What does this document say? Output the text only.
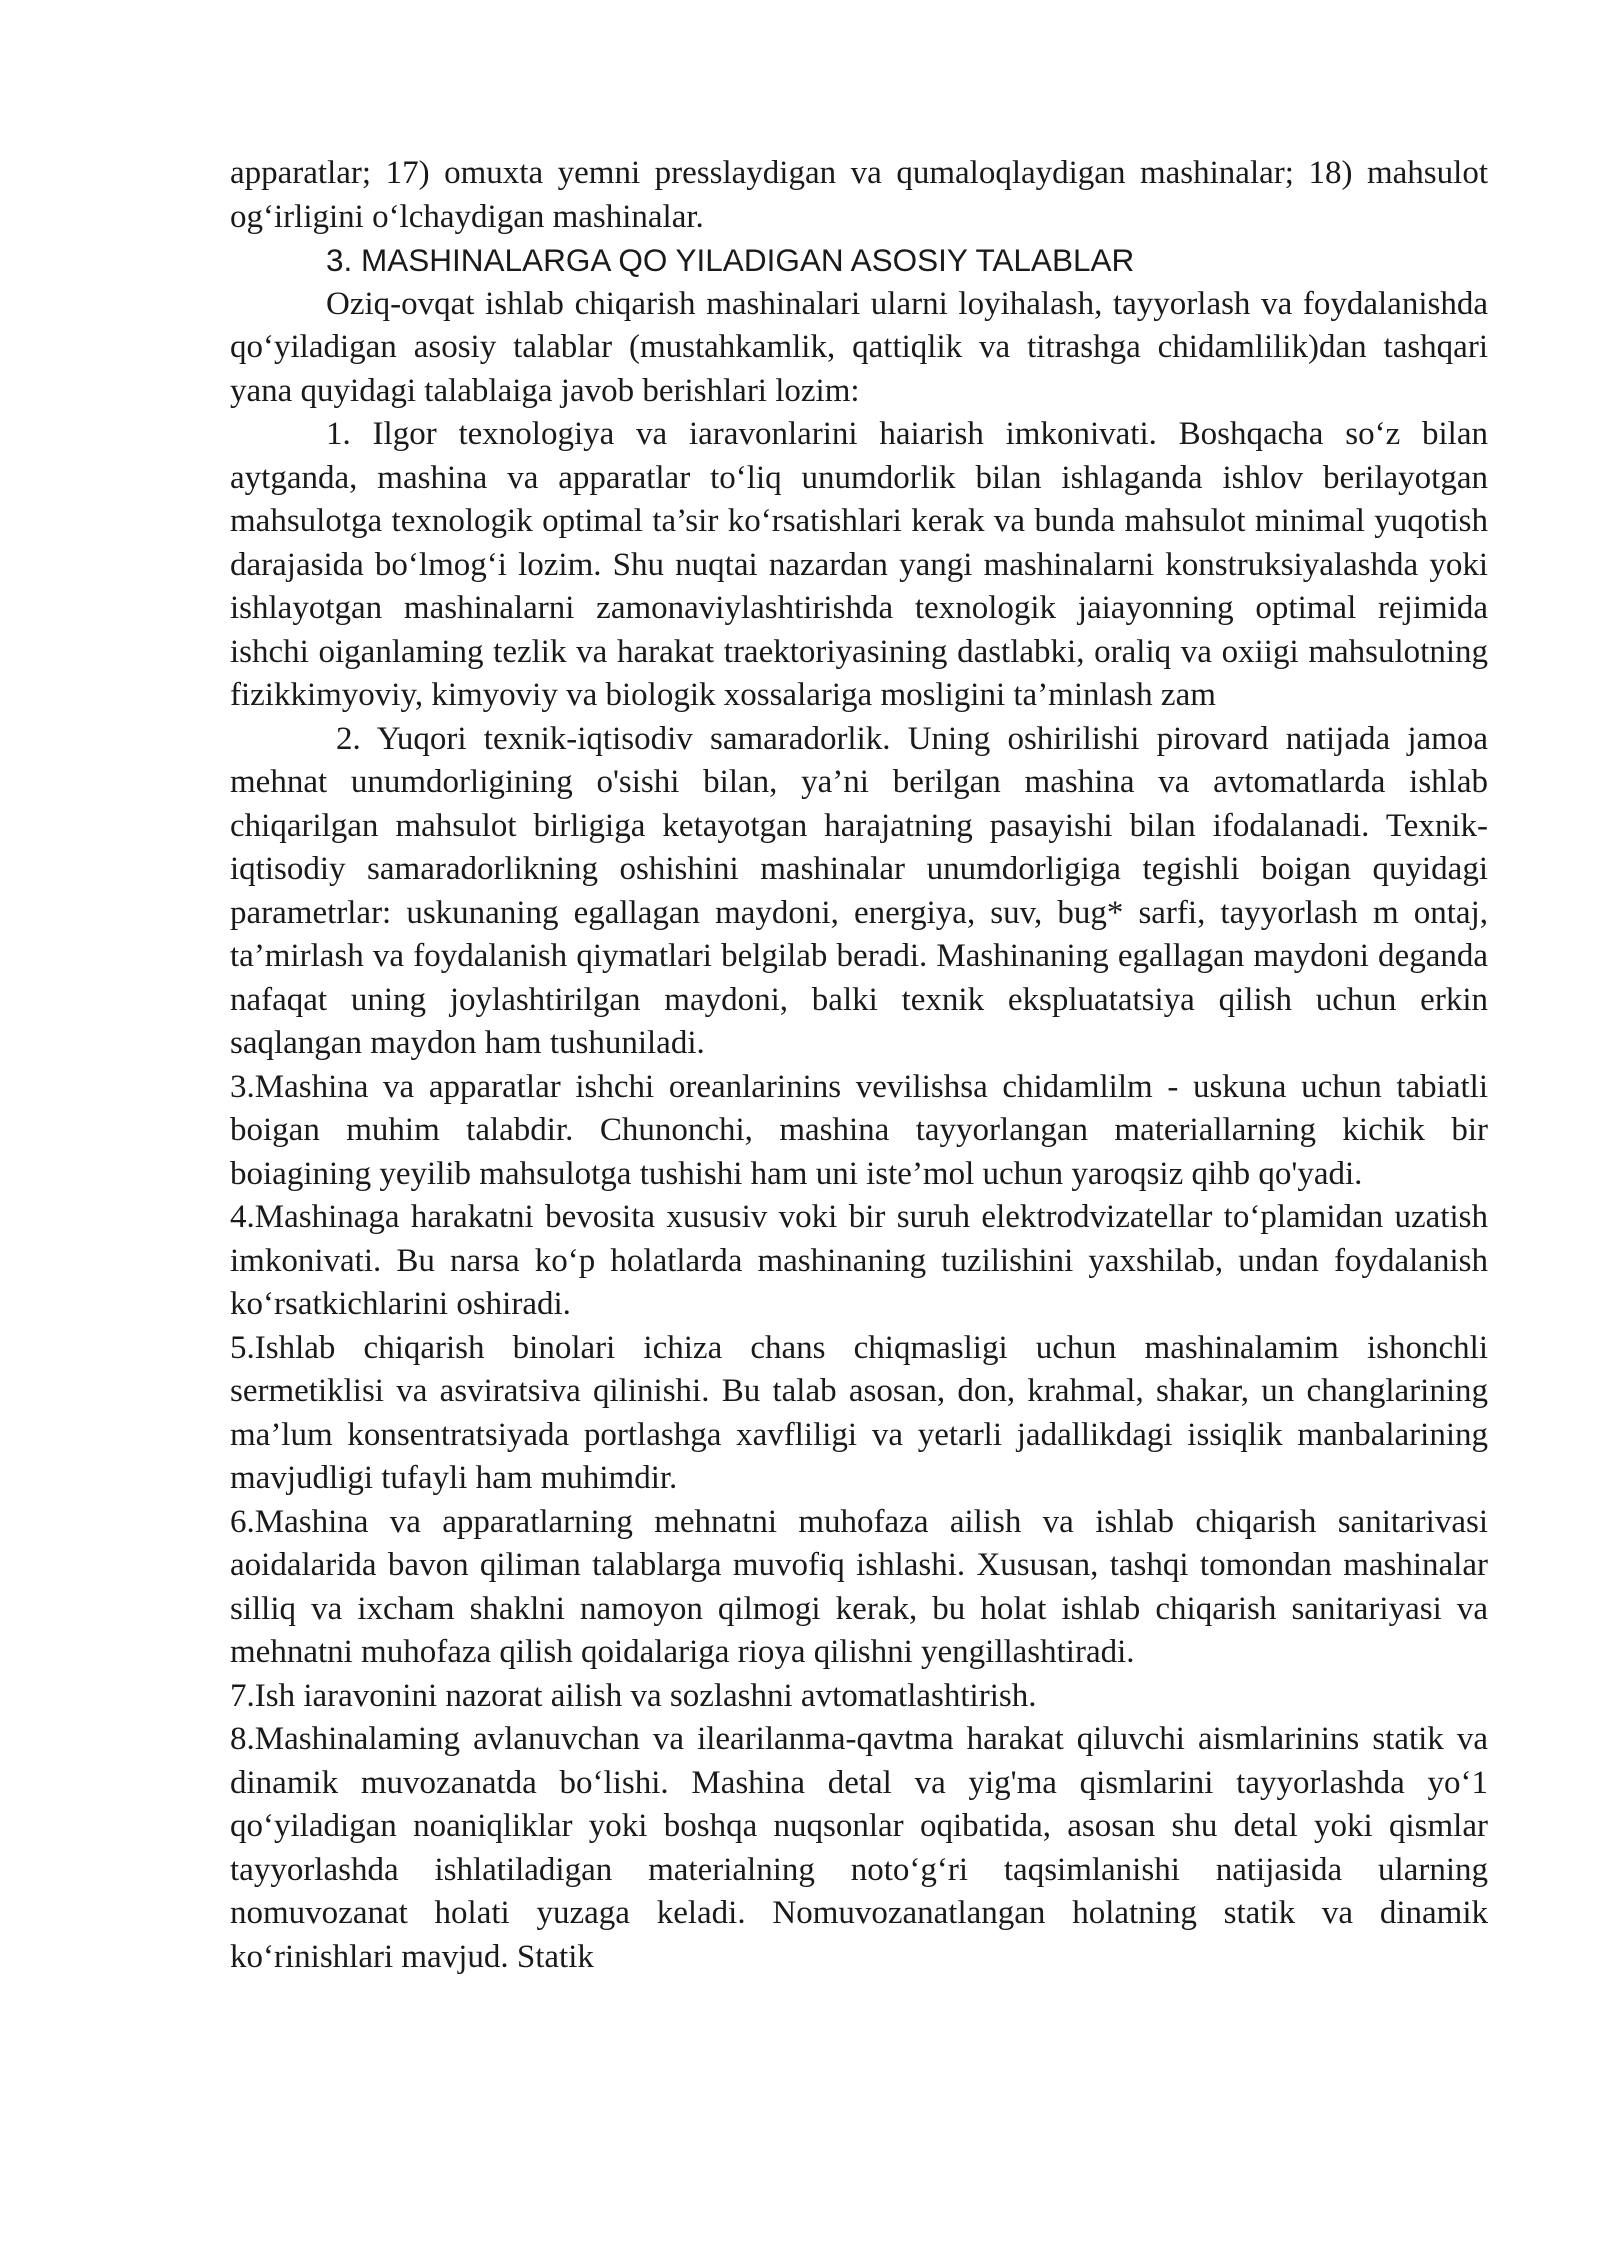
apparatlar; 17) omuxta yemni presslaydigan va qumaloqlaydigan mashinalar; 18) mahsulot og‘irligini o‘lchaydigan mashinalar.

3. MASHINALARGA QO YILADIGAN ASOSIY TALABLAR

Oziq-ovqat ishlab chiqarish mashinalari ularni loyihalash, tayyorlash va foydalanishda qo‘yiladigan asosiy talablar (mustahkamlik, qattiqlik va titrashga chidamlilik)dan tashqari yana quyidagi talablaiga javob berishlari lozim:

1. Ilgor texnologiya va iaravonlarini haiarish imkonivati. Boshqacha so‘z bilan aytganda, mashina va apparatlar to‘liq unumdorlik bilan ishlaganda ishlov berilayotgan mahsulotga texnologik optimal ta’sir ko‘rsatishlari kerak va bunda mahsulot minimal yuqotish darajasida bo‘lmog‘i lozim. Shu nuqtai nazardan yangi mashinalarni konstruksiyalashda yoki ishlayotgan mashinalarni zamonaviylashtirishda texnologik jaiayonning optimal rejimida ishchi oiganlaming tezlik va harakat traektoriyasining dastlabki, oraliq va oxiigi mahsulotning fizikkimyoviy, kimyoviy va biologik xossalariga mosligini ta’minlash zam

2. Yuqori texnik-iqtisodiv samaradorlik. Uning oshirilishi pirovard natijada jamoa mehnat unumdorligining o'sishi bilan, ya’ni berilgan mashina va avtomatlarda ishlab chiqarilgan mahsulot birligiga ketayotgan harajatning pasayishi bilan ifodalanadi. Texnik-iqtisodiy samaradorlikning oshishini mashinalar unumdorligiga tegishli boigan quyidagi parametrlar: uskunaning egallagan maydoni, energiya, suv, bug* sarfi, tayyorlash m ontaj, ta’mirlash va foydalanish qiymatlari belgilab beradi. Mashinaning egallagan maydoni deganda nafaqat uning joylashtirilgan maydoni, balki texnik ekspluatatsiya qilish uchun erkin saqlangan maydon ham tushuniladi.

3.Mashina va apparatlar ishchi oreanlarinins vevilishsa chidamlilm - uskuna uchun tabiatli boigan muhim talabdir. Chunonchi, mashina tayyorlangan materiallarning kichik bir boiagining yeyilib mahsulotga tushishi ham uni iste’mol uchun yaroqsiz qihb qo'yadi.

4.Mashinaga harakatni bevosita xususiv voki bir suruh elektrodvizatellar to‘plamidan uzatish imkonivati. Bu narsa ko‘p holatlarda mashinaning tuzilishini yaxshilab, undan foydalanish ko‘rsatkichlarini oshiradi.

5.Ishlab chiqarish binolari ichiza chans chiqmasligi uchun mashinalamim ishonchli sermetiklisi va asviratsiva qilinishi. Bu talab asosan, don, krahmal, shakar, un changlarining ma’lum konsentratsiyada portlashga xavfliligi va yetarli jadallikdagi issiqlik manbalarining mavjudligi tufayli ham muhimdir.

6.Mashina va apparatlarning mehnatni muhofaza ailish va ishlab chiqarish sanitarivasi aoidalarida bavon qiliman talablarga muvofiq ishlashi. Xususan, tashqi tomondan mashinalar silliq va ixcham shaklni namoyon qilmogi kerak, bu holat ishlab chiqarish sanitariyasi va mehnatni muhofaza qilish qoidalariga rioya qilishni yengillashtiradi.

7.Ish iaravonini nazorat ailish va sozlashni avtomatlashtirish.

8.Mashinalaming avlanuvchan va ilearilanma-qavtma harakat qiluvchi aismlarinins statik va dinamik muvozanatda bo‘lishi. Mashina detal va yig'ma qismlarini tayyorlashda yo‘1 qo‘yiladigan noaniqliklar yoki boshqa nuqsonlar oqibatida, asosan shu detal yoki qismlar tayyorlashda ishlatiladigan materialning noto‘g‘ri taqsimlanishi natijasida ularning nomuvozanat holati yuzaga keladi. Nomuvozanatlangan holatning statik va dinamik ko‘rinishlari mavjud. Statik
